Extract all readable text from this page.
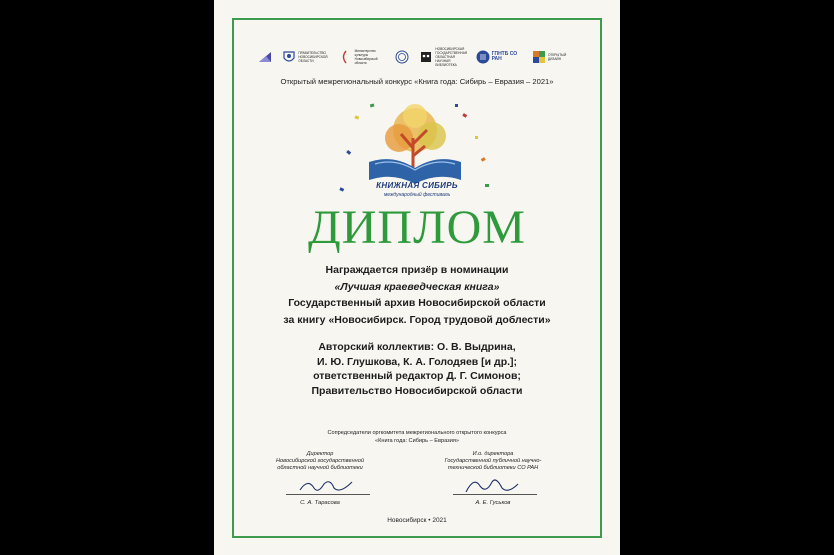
ПРАВИТЕЛЬСТВО НОВОСИБИРСКОЙ ОБЛАСТИ
Министерство культуры Новосибирской области
НОВОСИБИРСКАЯ ГОСУДАРСТВЕННАЯ ОБЛАСТНАЯ НАУЧНАЯ БИБЛИОТЕКА
ГПНТБ СО РАН
ОТКРЫТЫЙ ДИЗАЙН
Открытый межрегиональный конкурс «Книга года: Сибирь – Евразия – 2021»
КНИЖНАЯ СИБИРЬ
международный фестиваль
ДИПЛОМ
Награждается призёр в номинации
«Лучшая краеведческая книга»
Государственный архив Новосибирской области
за книгу «Новосибирск. Город трудовой доблести»
Авторский коллектив: О. В. Выдрина,
И. Ю. Глушкова, К. А. Голодяев [и др.];
ответственный редактор Д. Г. Симонов;
Правительство Новосибирской области
Сопредседатели оргкомитета межрегионального открытого конкурса
«Книга года: Сибирь – Евразия»
Директор
Новосибирской государственной
областной научной библиотеки
И.о. директора
Государственной публичной научно-
технической библиотеки СО РАН
С. А. Тарасова	А. Е. Гуськов
Новосибирск • 2021
